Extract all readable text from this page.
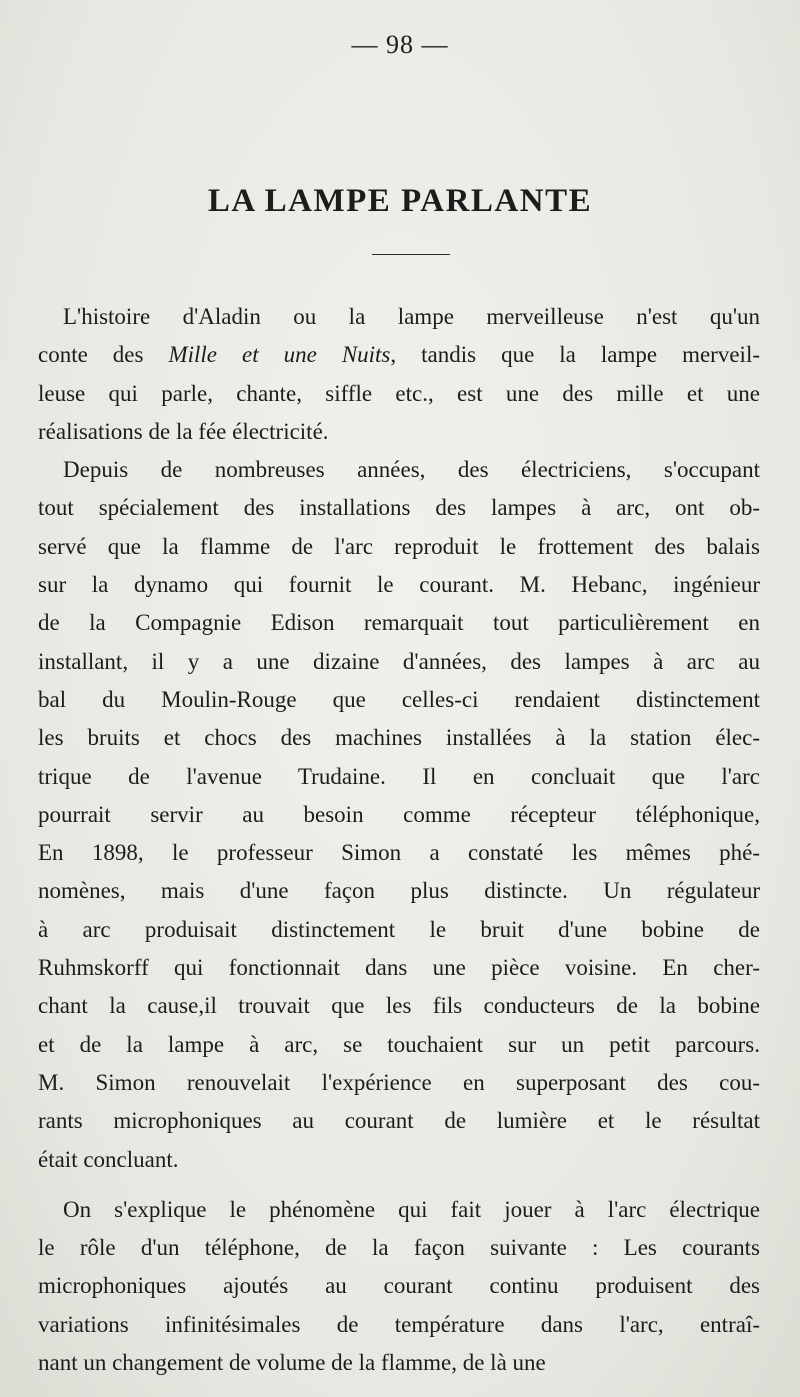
— 98 —
LA LAMPE PARLANTE

L'histoire d'Aladin ou la lampe merveilleuse n'est qu'un
conte des Mille et une Nuits, tandis que la lampe merveil-
leuse qui parle, chante, siffle etc., est une des mille et une
réalisations de la fée électricité.

Depuis de nombreuses années, des électriciens, s'occupant
tout spécialement des installations des lampes à arc, ont ob-
servé que la flamme de l'arc reproduit le frottement des balais
sur la dynamo qui fournit le courant. M. Hebanc, ingénieur
de la Compagnie Edison remarquait tout particulièrement en
installant, il y a une dizaine d'années, des lampes à arc au
bal du Moulin-Rouge que celles-ci rendaient distinctement
les bruits et chocs des machines installées à la station élec-
trique de l'avenue Trudaine. Il en concluait que l'arc
pourrait servir au besoin comme récepteur téléphonique,
En 1898, le professeur Simon a constaté les mêmes phé-
nomènes, mais d'une façon plus distincte. Un régulateur
à arc produisait distinctement le bruit d'une bobine de
Ruhmskorff qui fonctionnait dans une pièce voisine. En cher-
chant la cause,il trouvait que les fils conducteurs de la bobine
et de la lampe à arc, se touchaient sur un petit parcours.
M. Simon renouvelait l'expérience en superposant des cou-
rants microphoniques au courant de lumière et le résultat
était concluant.

On s'explique le phénomène qui fait jouer à l'arc électrique
le rôle d'un téléphone, de la façon suivante : Les courants
microphoniques ajoutés au courant continu produisent des
variations infinitésimales de température dans l'arc, entraî-
nant un changement de volume de la flamme, de là une
